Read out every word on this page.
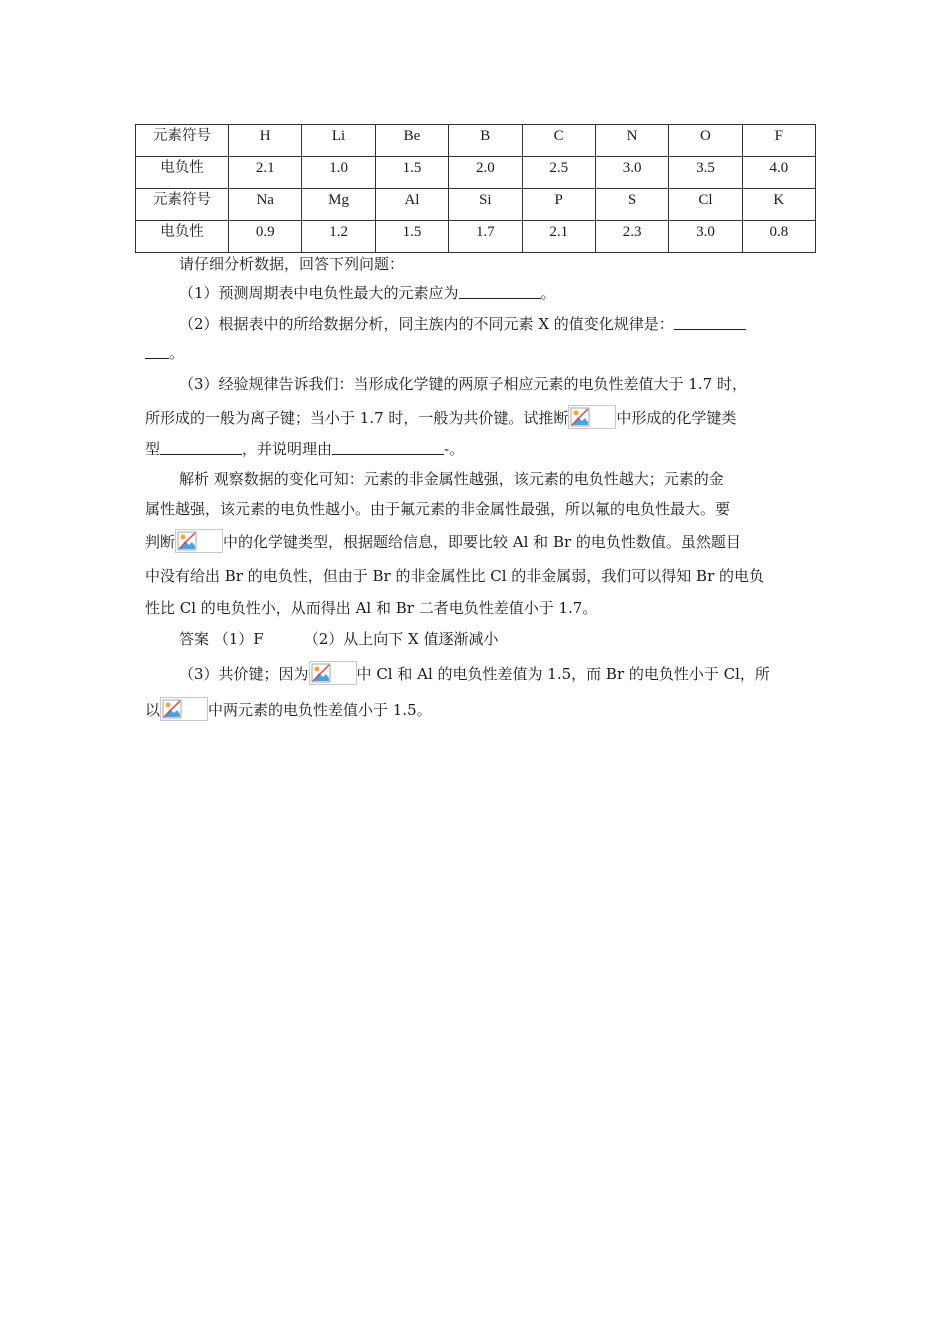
元素符号	H	Li	Be	B	C	N	O	F
电负性	2.1	1.0	1.5	2.0	2.5	3.0	3.5	4.0
元素符号	Na	Mg	Al	Si	P	S	Cl	K
电负性	0.9	1.2	1.5	1.7	2.1	2.3	3.0	0.8
请仔细分析数据，回答下列问题：
（1）预测周期表中电负性最大的元素应为	。
（2）根据表中的所给数据分析，同主族内的不同元素 X 的值变化规律是：
。
（3）经验规律告诉我们：当形成化学键的两原子相应元素的电负性差值大于 1.7 时，
所形成的一般为离子键；当小于 1.7 时，一般为共价键。试推断	中形成的化学键类
型	，并说明理由	-。
解析 观察数据的变化可知：元素的非金属性越强，该元素的电负性越大；元素的金
属性越强，该元素的电负性越小。由于氟元素的非金属性最强，所以氟的电负性最大。要
判断	中的化学键类型，根据题给信息，即要比较 Al 和 Br 的电负性数值。虽然题目
中没有给出 Br 的电负性，但由于 Br 的非金属性比 Cl 的非金属弱，我们可以得知 Br 的电负
性比 Cl 的电负性小，从而得出 Al 和 Br 二者电负性差值小于 1.7。
答案 （1）F	（2）从上向下 X 值逐渐减小
（3）共价键；因为	中 Cl 和 Al 的电负性差值为 1.5，而 Br 的电负性小于 Cl，所
以	中两元素的电负性差值小于 1.5。
